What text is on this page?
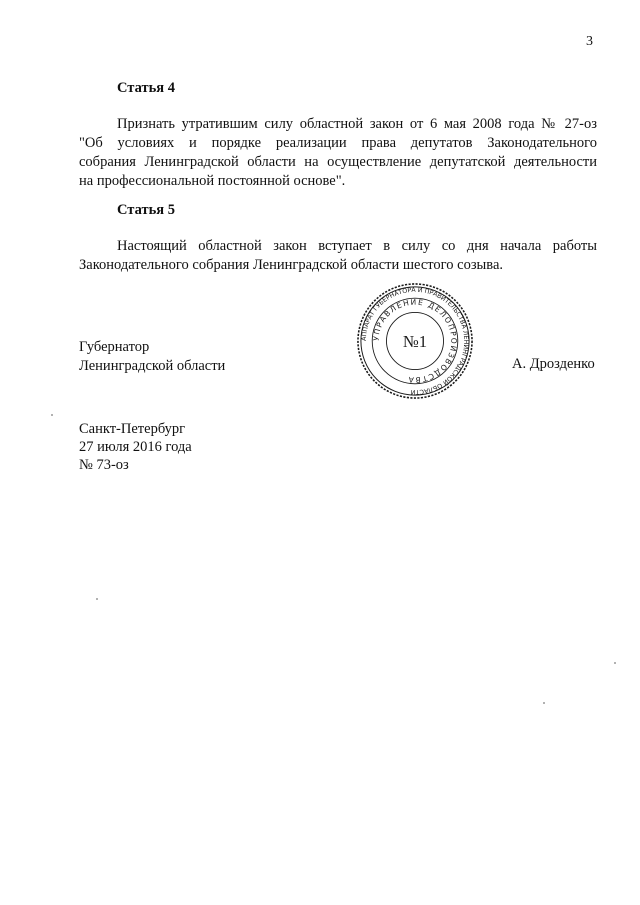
3
Статья 4
Признать утратившим силу областной закон от 6 мая 2008 года № 27-оз
"Об условиях и порядке реализации права депутатов Законодательного
собрания Ленинградской области на осуществление депутатской деятельности
на профессиональной постоянной основе".
Статья 5
Настоящий областной закон вступает в силу со дня начала работы
Законодательного собрания Ленинградской области шестого созыва.
Губернатор
Ленинградской области
АППАРАТ ГУБЕРНАТОРА И ПРАВИТЕЛЬСТВА ЛЕНИНГРАДСКОЙ ОБЛАСТИ
УПРАВЛЕНИЕ ДЕЛОПРОИЗВОДСТВА
№1
А. Дрозденко
Санкт-Петербург
27 июля 2016 года
№ 73-оз
